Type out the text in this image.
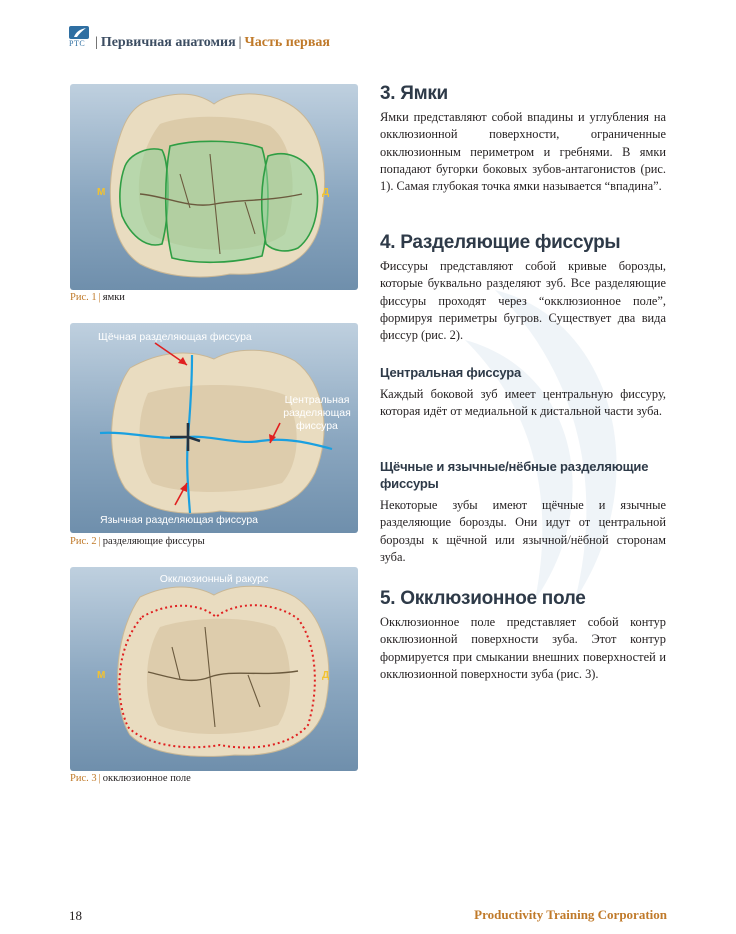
PTC | Первичная анатомия | Часть первая
М	Д
Рис. 1 | ямки
Щёчная разделяющая фиссура
Центральная
разделяющая
фиссура
Язычная разделяющая фиссура
Рис. 2 | разделяющие фиссуры
Окклюзионный ракурс
М	Д
Рис. 3 | окклюзионное поле
3. Ямки
Ямки представляют собой впадины и углубления на окклюзионной поверхности, ограниченные окклюзионным периметром и гребнями. В ямки попадают бугорки боковых зубов-антагонистов (рис. 1). Самая глубокая точка ямки называется “впадина”.
4. Разделяющие фиссуры
Фиссуры представляют собой кривые борозды, которые буквально разделяют зуб. Все разделяющие фиссуры проходят через “окклюзионное поле”, формируя периметры бугров. Существует два вида фиссур (рис. 2).
Центральная фиссура
Каждый боковой зуб имеет центральную фиссуру, которая идёт от медиальной к дистальной части зуба.
Щёчные и язычные/нёбные разделяющие фиссуры
Некоторые зубы имеют щёчные и язычные разделяющие борозды. Они идут от центральной борозды к щёчной или язычной/нёбной сторонам зуба.
5. Окклюзионное поле
Окклюзионное поле представляет собой контур окклюзионной поверхности зуба. Этот контур формируется при смыкании внешних поверхностей и окклюзионной поверхности зуба (рис. 3).
18	Productivity Training Corporation
